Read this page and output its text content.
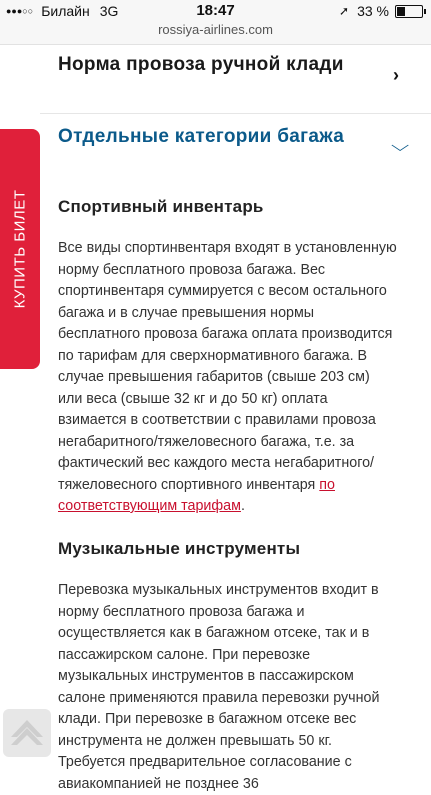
●●●○○ Билайн 3G	18:47	➚ 33 %
rossiya-airlines.com
Норма провоза ручной клади	›
Отдельные категории багажа	⌵
Спортивный инвентарь
Все виды спортинвентаря входят в установленную норму бесплатного провоза багажа. Вес спортинвентаря суммируется с весом остального багажа и в случае превышения нормы бесплатного провоза багажа оплата производится по тарифам для сверхнормативного багажа. В случае превышения габаритов (свыше 203 см) или веса (свыше 32 кг и до 50 кг) оплата взимается в соответствии с правилами провоза негабаритного/тяжеловесного багажа, т.е. за фактический вес каждого места негабаритного/тяжеловесного спортивного инвентаря по соответствующим тарифам.
Музыкальные инструменты
Перевозка музыкальных инструментов входит в норму бесплатного провоза багажа и осуществляется как в багажном отсеке, так и в пассажирском салоне. При перевозке музыкальных инструментов в пассажирском салоне применяются правила перевозки ручной клади. При перевозке в багажном отсеке вес инструмента не должен превышать 50 кг. Требуется предварительное согласование с авиакомпанией не позднее 36
КУПИТЬ БИЛЕТ
